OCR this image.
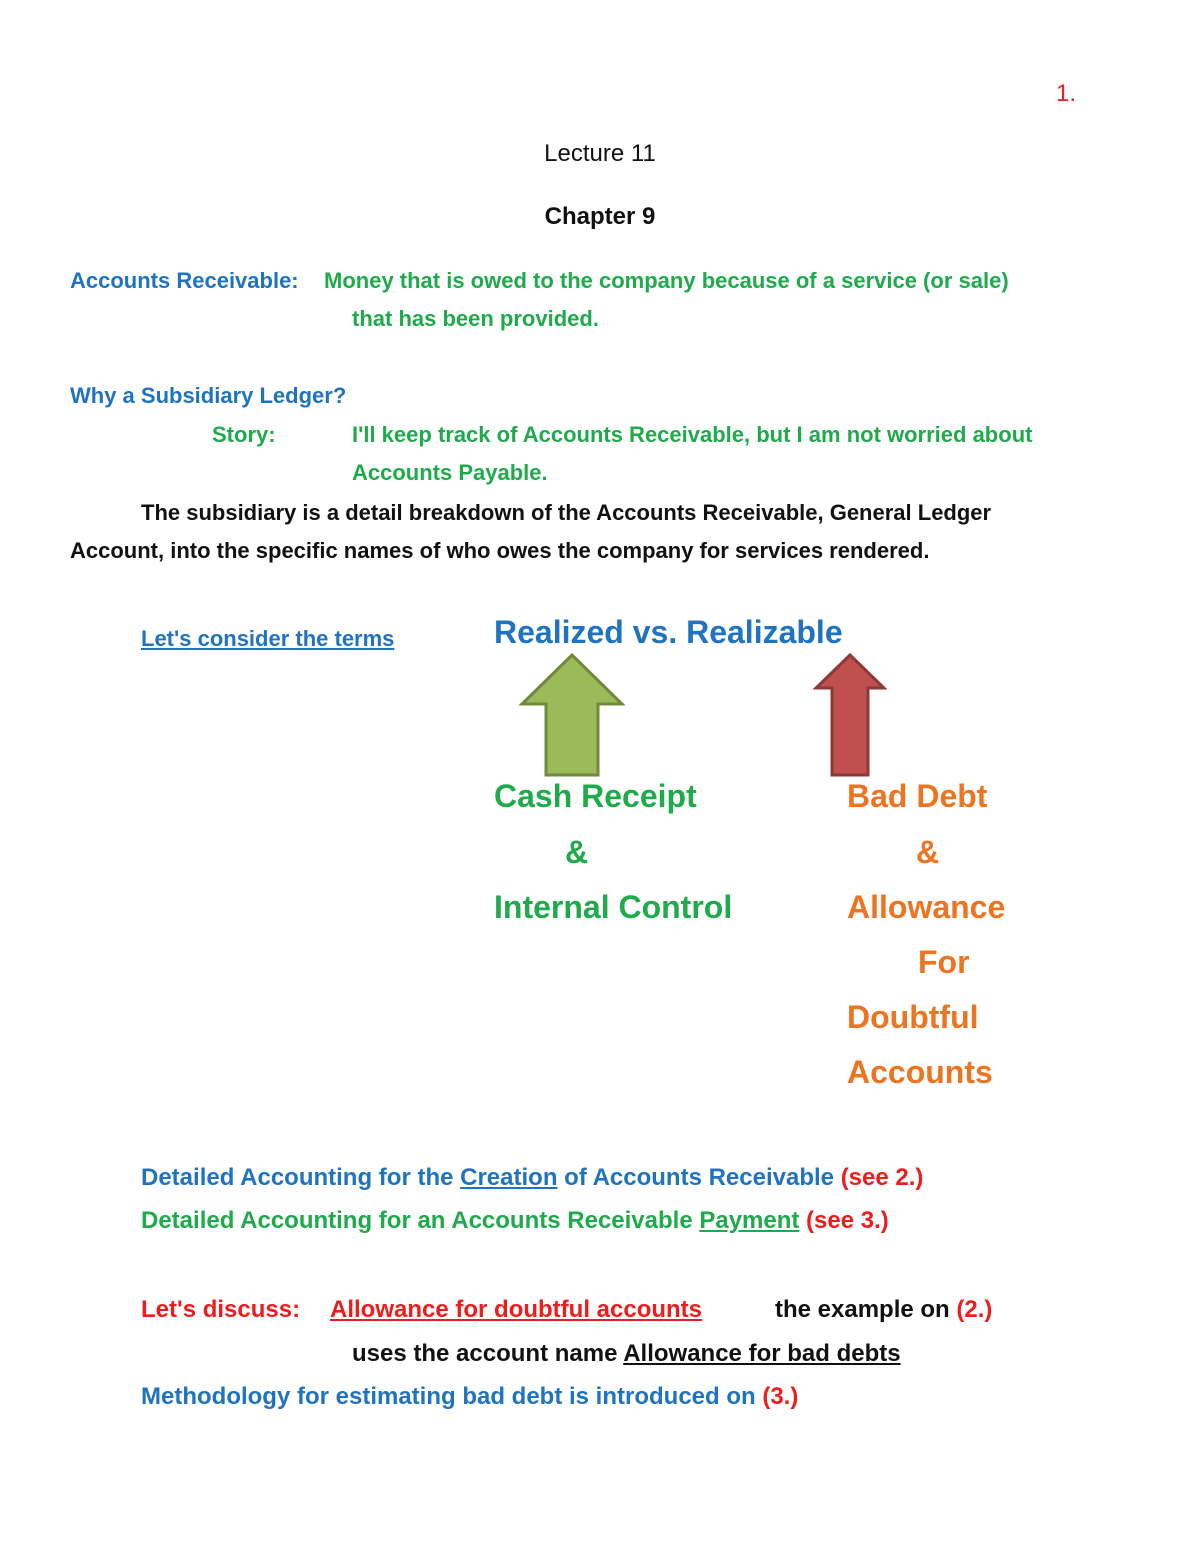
1.
Lecture 11
Chapter 9
Accounts Receivable: Money that is owed to the company because of a service (or sale)
that has been provided.
Why a Subsidiary Ledger?
Story:	I'll keep track of Accounts Receivable, but I am not worried about
Accounts Payable.
The subsidiary is a detail breakdown of the Accounts Receivable, General Ledger
Account, into the specific names of who owes the company for services rendered.
Let's consider the terms	Realized vs. Realizable
Cash Receipt
&
Internal Control
Bad Debt
&
Allowance
For
Doubtful
Accounts
Detailed Accounting for the Creation of Accounts Receivable (see 2.)
Detailed Accounting for an Accounts Receivable Payment (see 3.)
Let's discuss: Allowance for doubtful accounts	the example on (2.)
uses the account name Allowance for bad debts
Methodology for estimating bad debt is introduced on (3.)
